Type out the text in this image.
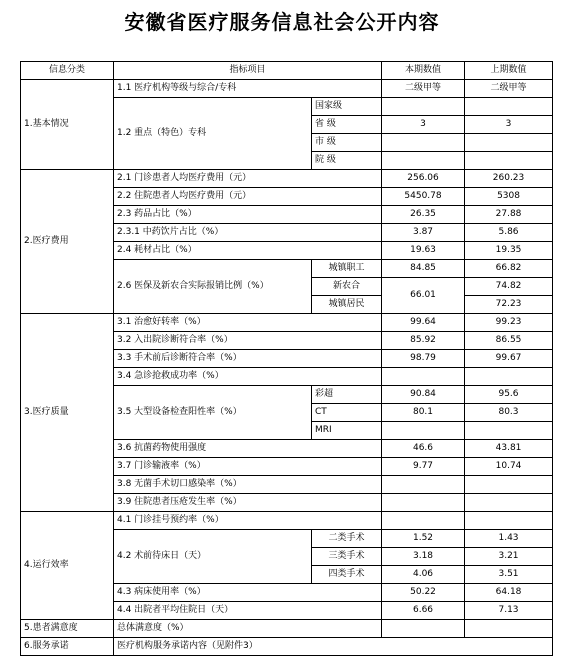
安徽省医疗服务信息社会公开内容
信息分类	指标项目		本期数值	上期数值
1.基本情况	1.1 医疗机构等级与综合/专科		二级甲等	二级甲等
	1.2 重点（特色）专科	国家级		
		省 级	3	3
		市 级		
		院 级		
2.医疗费用	2.1 门诊患者人均医疗费用（元）		256.06	260.23
	2.2 住院患者人均医疗费用（元）		5450.78	5308
	2.3 药品占比（%）		26.35	27.88
	2.3.1 中药饮片占比（%）		3.87	5.86
	2.4 耗材占比（%）		19.63	19.35
	2.6 医保及新农合实际报销比例（%）	城镇职工	84.85	66.82
		新农合	66.01	74.82
		城镇居民		72.23
3.医疗质量	3.1 治愈好转率（%）		99.64	99.23
	3.2 入出院诊断符合率（%）		85.92	86.55
	3.3 手术前后诊断符合率（%）		98.79	99.67
	3.4 急诊抢救成功率（%）			
	3.5 大型设备检查阳性率（%）	彩超	90.84	95.6
		CT	80.1	80.3
		MRI		
	3.6 抗菌药物使用强度		46.6	43.81
	3.7 门诊输液率（%）		9.77	10.74
	3.8 无菌手术切口感染率（%）			
	3.9 住院患者压疮发生率（%）			
4.运行效率	4.1 门诊挂号预约率（%）			
	4.2 术前待床日（天）	二类手术	1.52	1.43
		三类手术	3.18	3.21
		四类手术	4.06	3.51
	4.3 病床使用率（%）		50.22	64.18
	4.4 出院者平均住院日（天）		6.66	7.13
5.患者满意度	总体满意度（%）			
6.服务承诺	医疗机构服务承诺内容（见附件3）			
